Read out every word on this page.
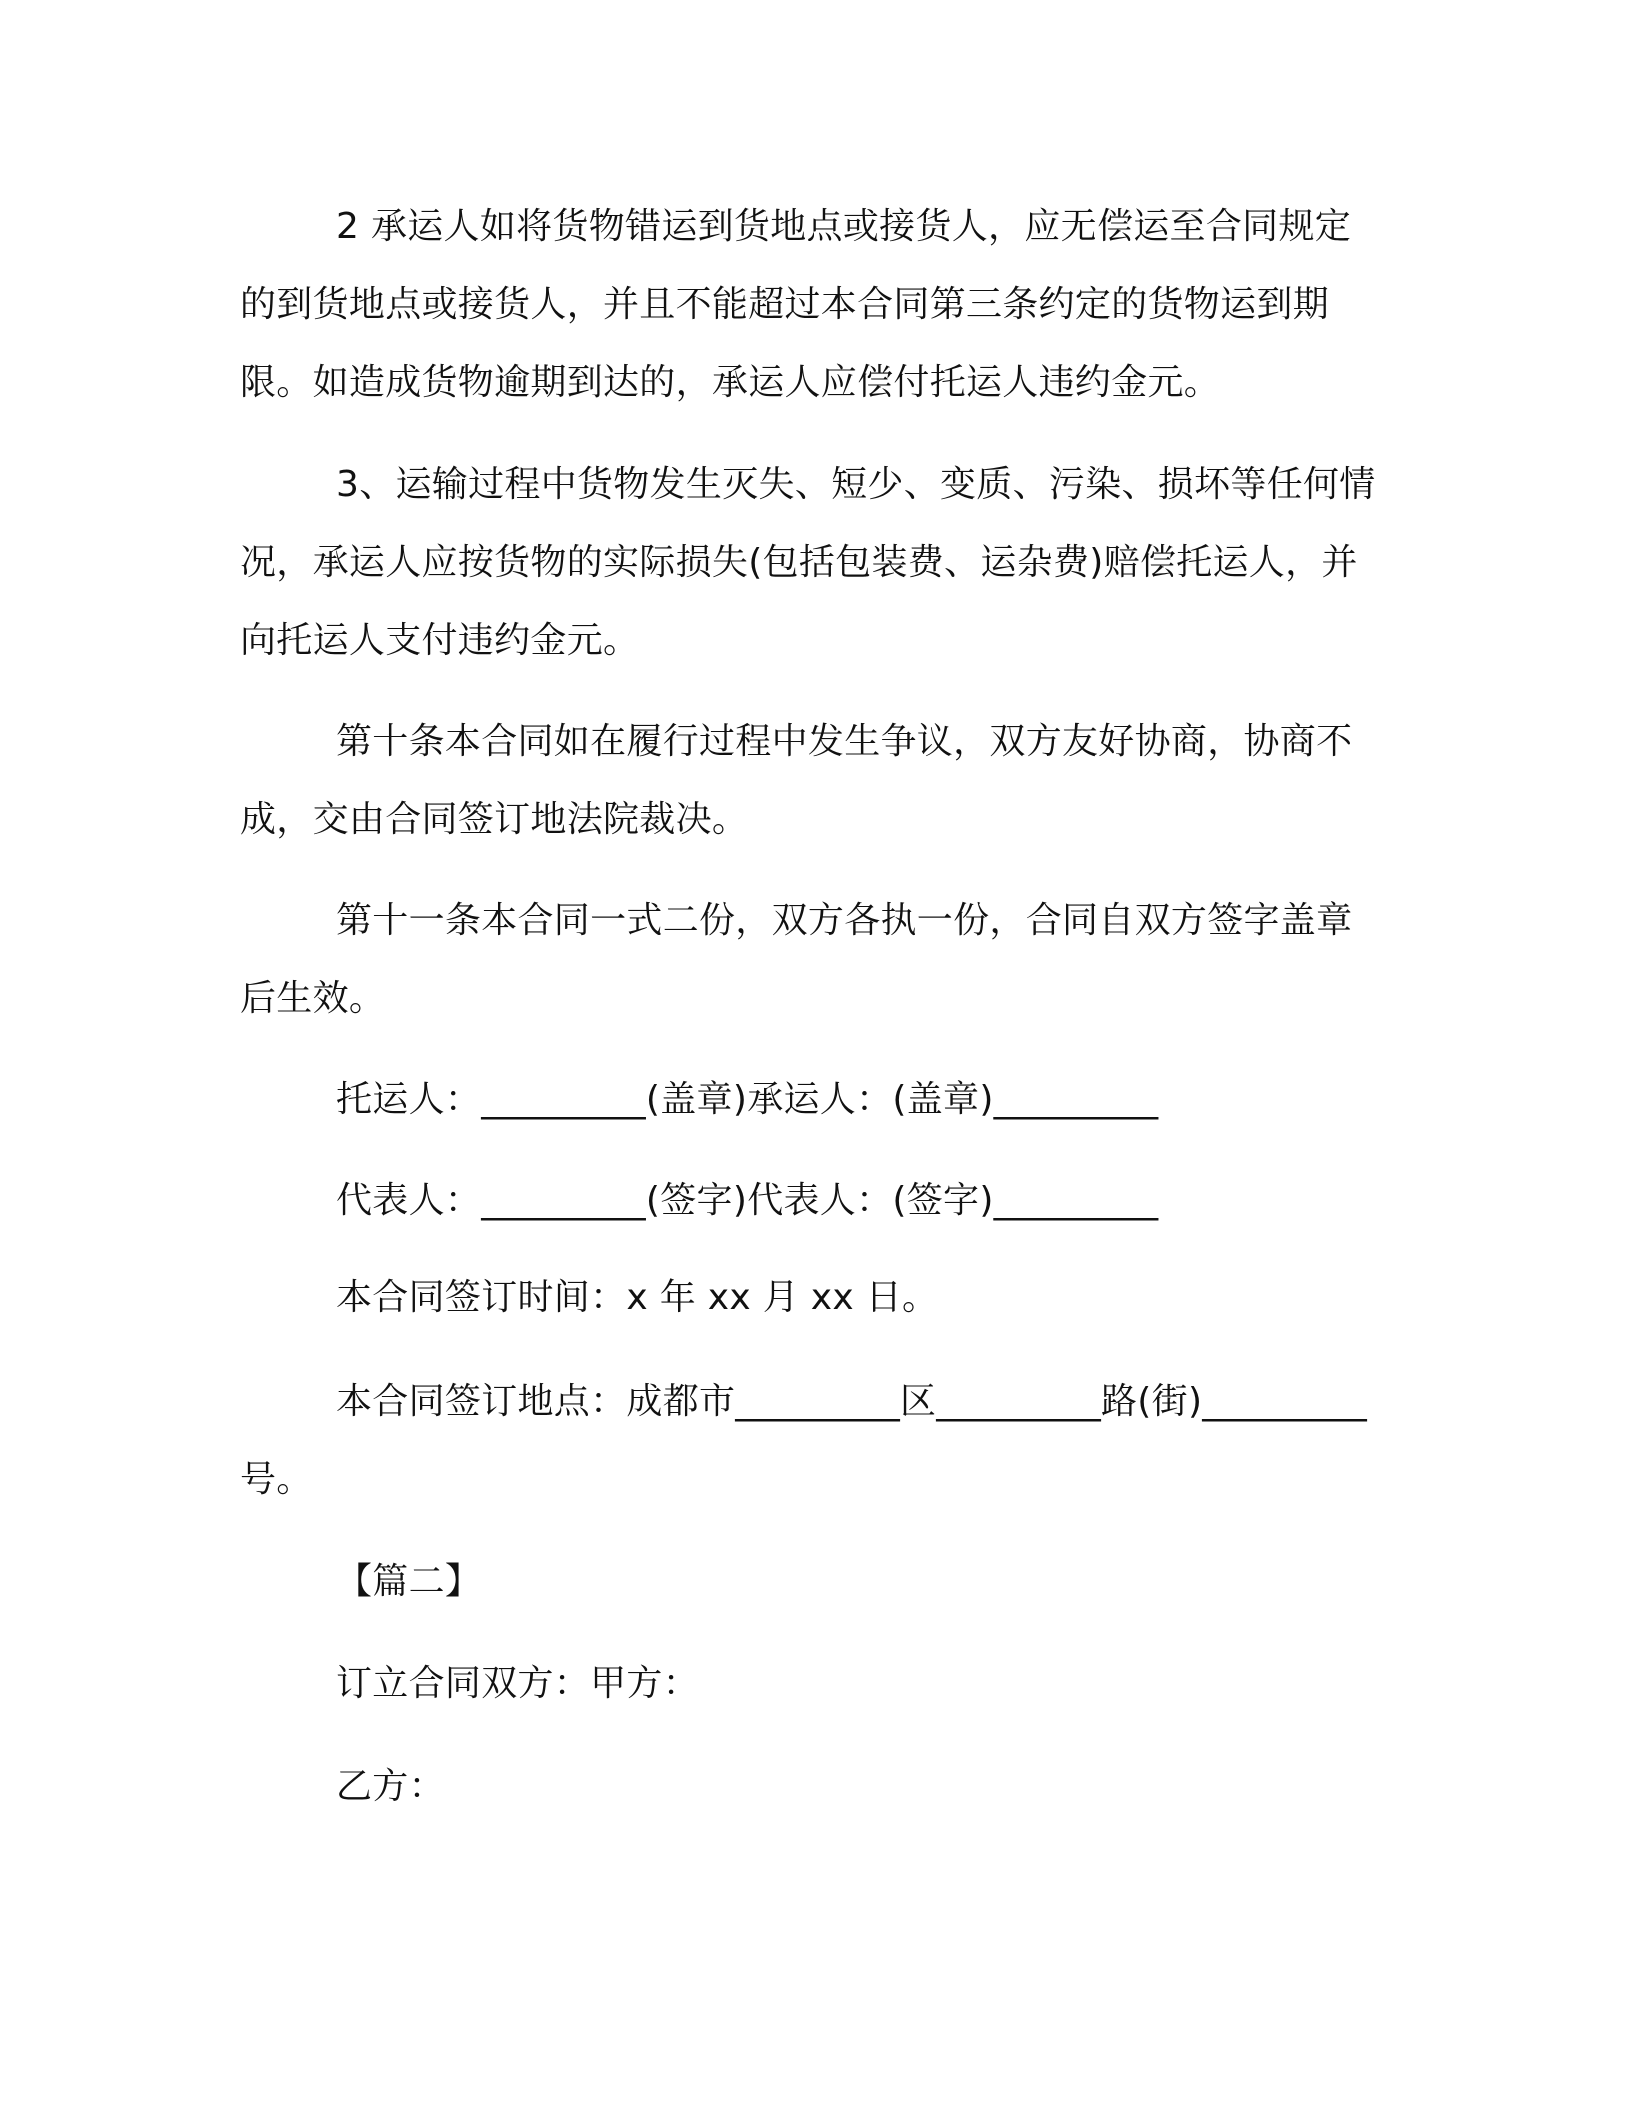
2 承运人如将货物错运到货地点或接货人，应无偿运至合同规定的到货地点或接货人，并且不能超过本合同第三条约定的货物运到期限。如造成货物逾期到达的，承运人应偿付托运人违约金元。

3、运输过程中货物发生灭失、短少、变质、污染、损坏等任何情况，承运人应按货物的实际损失(包括包装费、运杂费)赔偿托运人，并向托运人支付违约金元。

第十条本合同如在履行过程中发生争议，双方友好协商，协商不成，交由合同签订地法院裁决。

第十一条本合同一式二份，双方各执一份，合同自双方签字盖章后生效。

托运人：_________(盖章)承运人：(盖章)_________

代表人：_________(签字)代表人：(签字)_________

本合同签订时间：x 年 xx 月 xx 日。

本合同签订地点：成都市_________区_________路(街)_________号。

【篇二】

订立合同双方：甲方：

乙方：
